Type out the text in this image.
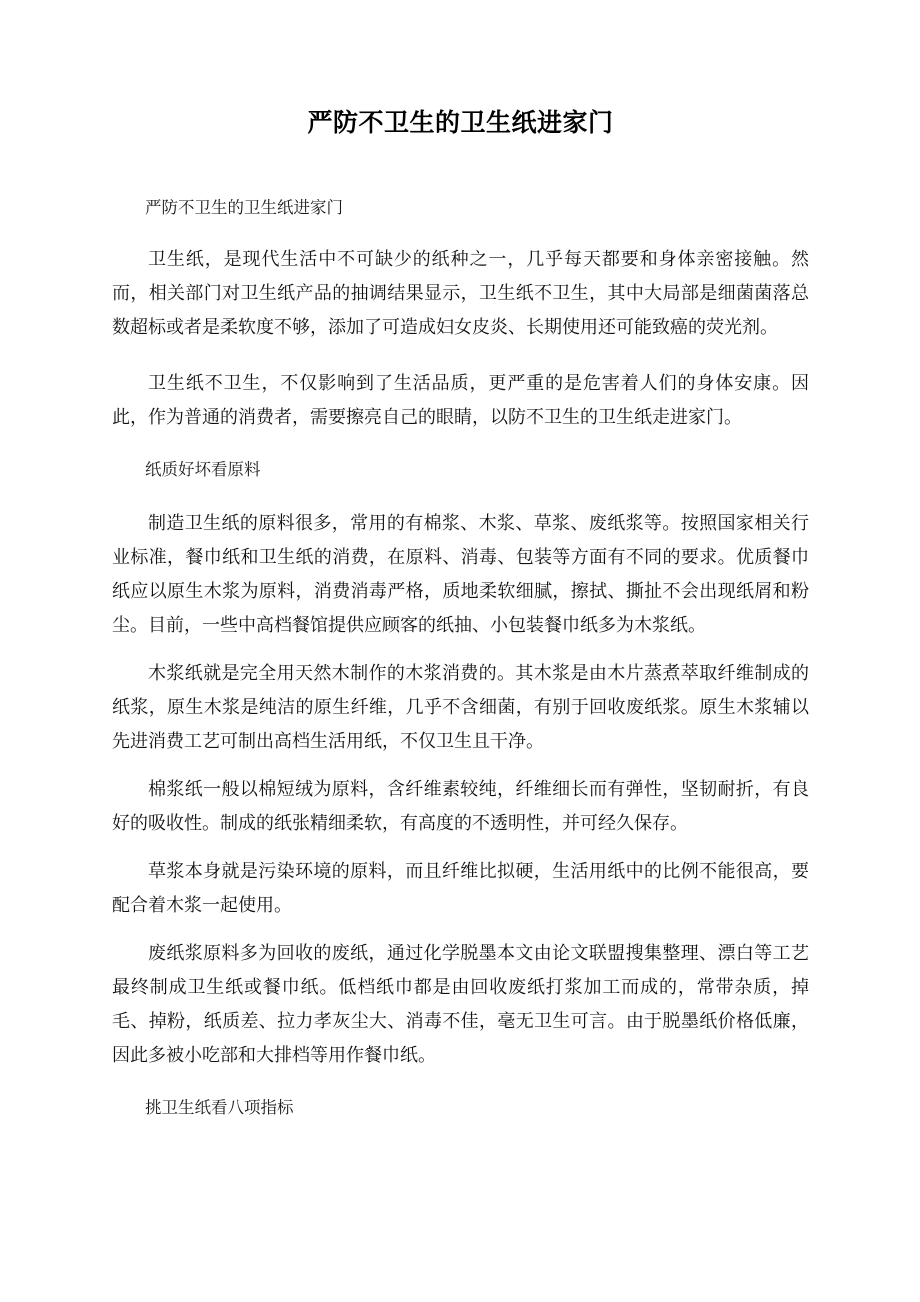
严防不卫生的卫生纸进家门

严防不卫生的卫生纸进家门

卫生纸，是现代生活中不可缺少的纸种之一，几乎每天都要和身体亲密接触。然而，相关部门对卫生纸产品的抽调结果显示，卫生纸不卫生，其中大局部是细菌菌落总数超标或者是柔软度不够，添加了可造成妇女皮炎、长期使用还可能致癌的荧光剂。

卫生纸不卫生，不仅影响到了生活品质，更严重的是危害着人们的身体安康。因此，作为普通的消费者，需要擦亮自己的眼睛，以防不卫生的卫生纸走进家门。

纸质好坏看原料

制造卫生纸的原料很多，常用的有棉浆、木浆、草浆、废纸浆等。按照国家相关行业标准，餐巾纸和卫生纸的消费，在原料、消毒、包装等方面有不同的要求。优质餐巾纸应以原生木浆为原料，消费消毒严格，质地柔软细腻，擦拭、撕扯不会出现纸屑和粉尘。目前，一些中高档餐馆提供应顾客的纸抽、小包装餐巾纸多为木浆纸。

木浆纸就是完全用天然木制作的木浆消费的。其木浆是由木片蒸煮萃取纤维制成的纸浆，原生木浆是纯洁的原生纤维，几乎不含细菌，有别于回收废纸浆。原生木浆辅以先进消费工艺可制出高档生活用纸，不仅卫生且干净。

棉浆纸一般以棉短绒为原料，含纤维素较纯，纤维细长而有弹性，坚韧耐折，有良好的吸收性。制成的纸张精细柔软，有高度的不透明性，并可经久保存。

草浆本身就是污染环境的原料，而且纤维比拟硬，生活用纸中的比例不能很高，要配合着木浆一起使用。

废纸浆原料多为回收的废纸，通过化学脱墨本文由论文联盟搜集整理、漂白等工艺最终制成卫生纸或餐巾纸。低档纸巾都是由回收废纸打浆加工而成的，常带杂质，掉毛、掉粉，纸质差、拉力孝灰尘大、消毒不佳，毫无卫生可言。由于脱墨纸价格低廉，因此多被小吃部和大排档等用作餐巾纸。

挑卫生纸看八项指标
